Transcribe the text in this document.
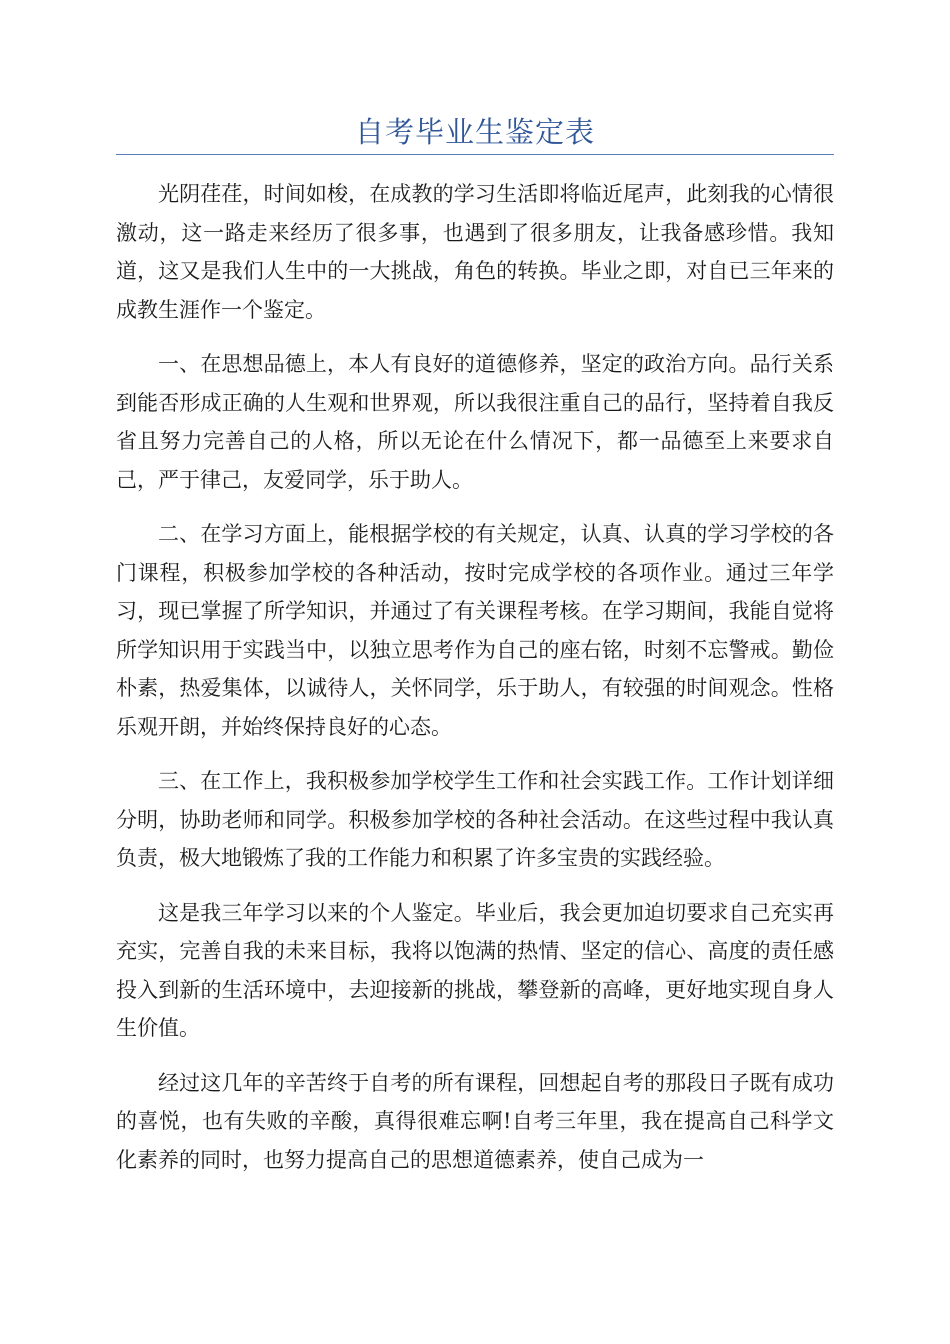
自考毕业生鉴定表

光阴荏荏，时间如梭，在成教的学习生活即将临近尾声，此刻我的心情很激动，这一路走来经历了很多事，也遇到了很多朋友，让我备感珍惜。我知道，这又是我们人生中的一大挑战，角色的转换。毕业之即，对自已三年来的成教生涯作一个鉴定。

一、在思想品德上，本人有良好的道德修养，坚定的政治方向。品行关系到能否形成正确的人生观和世界观，所以我很注重自己的品行，坚持着自我反省且努力完善自己的人格，所以无论在什么情况下，都一品德至上来要求自己，严于律己，友爱同学，乐于助人。

二、在学习方面上，能根据学校的有关规定，认真、认真的学习学校的各门课程，积极参加学校的各种活动，按时完成学校的各项作业。通过三年学习，现已掌握了所学知识，并通过了有关课程考核。在学习期间，我能自觉将所学知识用于实践当中，以独立思考作为自己的座右铭，时刻不忘警戒。勤俭朴素，热爱集体，以诚待人，关怀同学，乐于助人，有较强的时间观念。性格乐观开朗，并始终保持良好的心态。

三、在工作上，我积极参加学校学生工作和社会实践工作。工作计划详细分明，协助老师和同学。积极参加学校的各种社会活动。在这些过程中我认真负责，极大地锻炼了我的工作能力和积累了许多宝贵的实践经验。

这是我三年学习以来的个人鉴定。毕业后，我会更加迫切要求自己充实再充实，完善自我的未来目标，我将以饱满的热情、坚定的信心、高度的责任感投入到新的生活环境中，去迎接新的挑战，攀登新的高峰，更好地实现自身人生价值。

经过这几年的辛苦终于自考的所有课程，回想起自考的那段日子既有成功的喜悦，也有失败的辛酸，真得很难忘啊!自考三年里，我在提高自己科学文化素养的同时，也努力提高自己的思想道德素养，使自己成为一
